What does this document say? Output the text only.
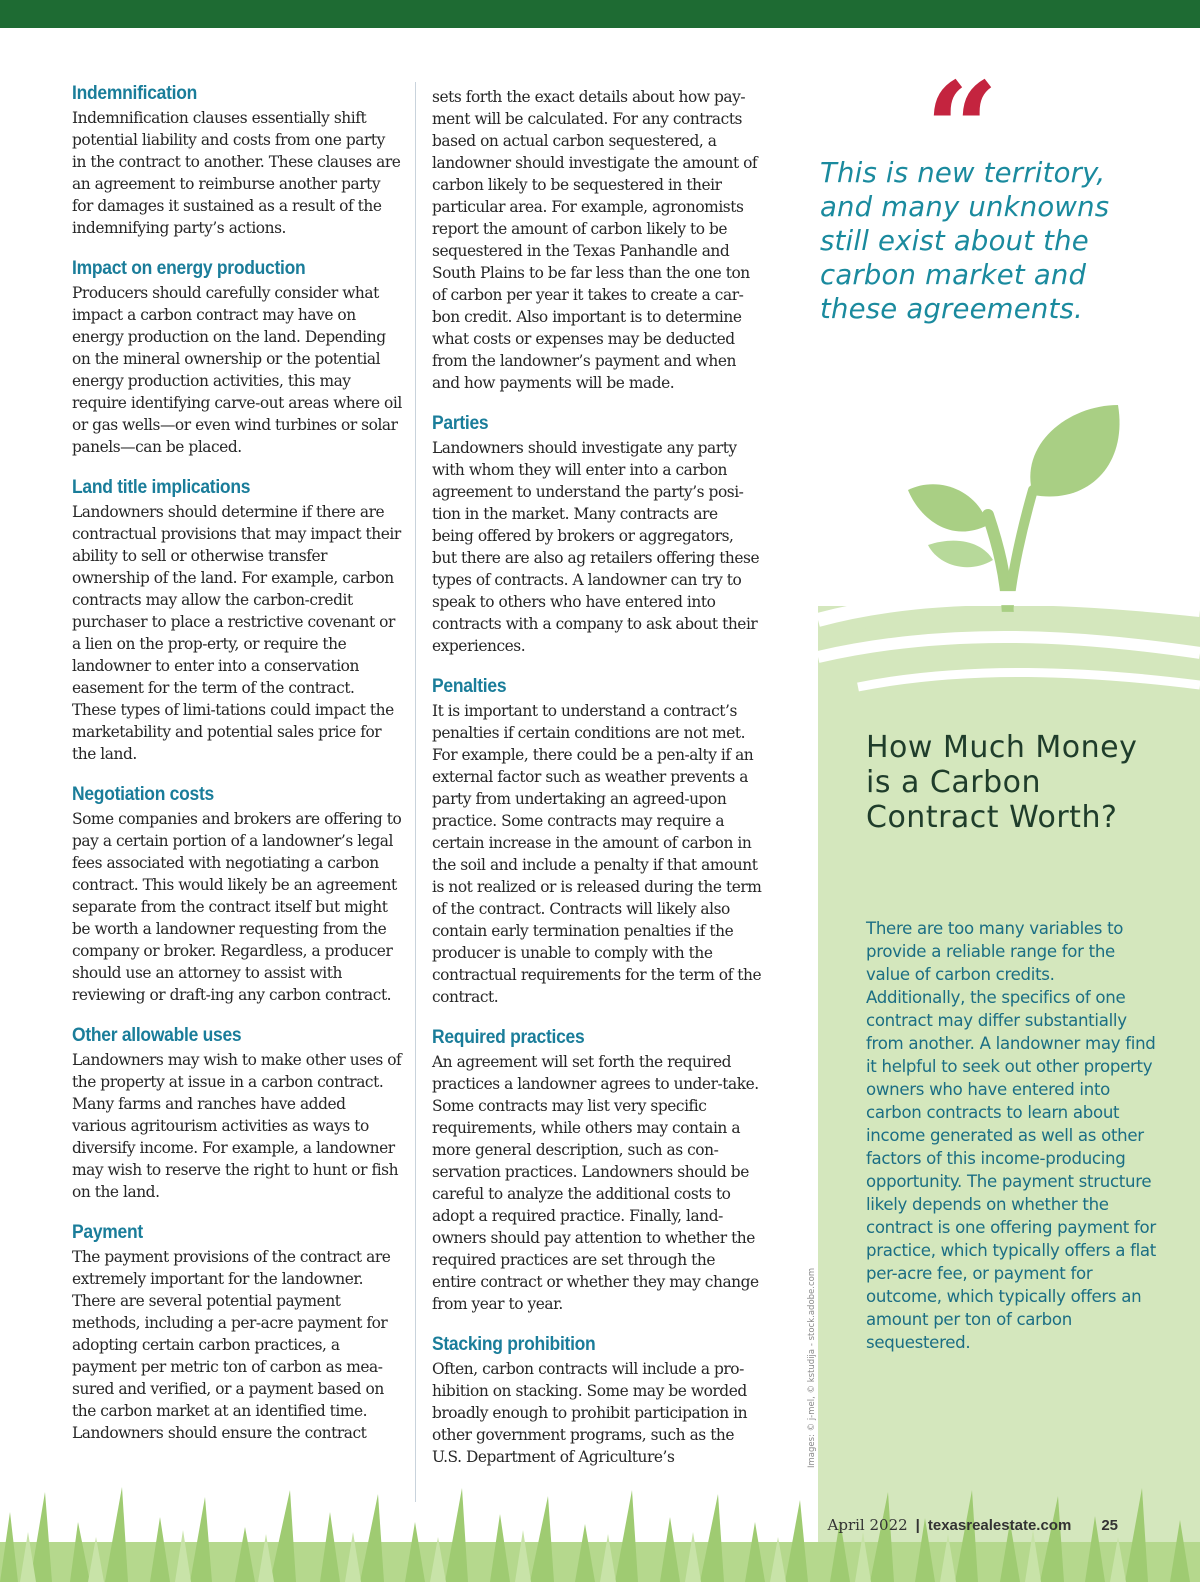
Indemnification

Indemnification clauses essentially shift potential liability and costs from one party in the contract to another. These clauses are an agreement to reimburse another party for damages it sustained as a result of the indemnifying party’s actions.

Impact on energy production

Producers should carefully consider what impact a carbon contract may have on energy production on the land. Depending on the mineral ownership or the potential energy production activities, this may require identifying carve-out areas where oil or gas wells—or even wind turbines or solar panels—can be placed.

Land title implications

Landowners should determine if there are contractual provisions that may impact their ability to sell or otherwise transfer ownership of the land. For example, carbon contracts may allow the carbon-credit purchaser to place a restrictive covenant or a lien on the prop-erty, or require the landowner to enter into a conservation easement for the term of the contract. These types of limi-tations could impact the marketability and potential sales price for the land.

Negotiation costs

Some companies and brokers are offering to pay a certain portion of a landowner’s legal fees associated with negotiating a carbon contract. This would likely be an agreement separate from the contract itself but might be worth a landowner requesting from the company or broker. Regardless, a producer should use an attorney to assist with reviewing or draft-ing any carbon contract.

Other allowable uses

Landowners may wish to make other uses of the property at issue in a carbon contract. Many farms and ranches have added various agritourism activities as ways to diversify income. For example, a landowner may wish to reserve the right to hunt or fish on the land.

Payment

The payment provisions of the contract are extremely important for the landowner. There are several potential payment methods, including a per-acre payment for adopting certain carbon practices, a payment per metric ton of carbon as mea-sured and verified, or a payment based on the carbon market at an identified time. Landowners should ensure the contract

sets forth the exact details about how pay-ment will be calculated. For any contracts based on actual carbon sequestered, a landowner should investigate the amount of carbon likely to be sequestered in their particular area. For example, agronomists report the amount of carbon likely to be sequestered in the Texas Panhandle and South Plains to be far less than the one ton of carbon per year it takes to create a car-bon credit. Also important is to determine what costs or expenses may be deducted from the landowner’s payment and when and how payments will be made.

Parties

Landowners should investigate any party with whom they will enter into a carbon agreement to understand the party’s posi-tion in the market. Many contracts are being offered by brokers or aggregators, but there are also ag retailers offering these types of contracts. A landowner can try to speak to others who have entered into contracts with a company to ask about their experiences.

Penalties

It is important to understand a contract’s penalties if certain conditions are not met. For example, there could be a pen-alty if an external factor such as weather prevents a party from undertaking an agreed-upon practice. Some contracts may require a certain increase in the amount of carbon in the soil and include a penalty if that amount is not realized or is released during the term of the contract. Contracts will likely also contain early termination penalties if the producer is unable to comply with the contractual requirements for the term of the contract.

Required practices

An agreement will set forth the required practices a landowner agrees to under-take. Some contracts may list very specific requirements, while others may contain a more general description, such as con-servation practices. Landowners should be careful to analyze the additional costs to adopt a required practice. Finally, land-owners should pay attention to whether the required practices are set through the entire contract or whether they may change from year to year.

Stacking prohibition

Often, carbon contracts will include a pro-hibition on stacking. Some may be worded broadly enough to prohibit participation in other government programs, such as the U.S. Department of Agriculture’s

“

This is new territory, and many unknowns still exist about the carbon market and these agreements.

How Much Money is a Carbon Contract Worth?

There are too many variables to provide a reliable range for the value of carbon credits. Additionally, the specifics of one contract may differ substantially from another. A landowner may find it helpful to seek out other property owners who have entered into carbon contracts to learn about income generated as well as other factors of this income-producing opportunity. The payment structure likely depends on whether the contract is one offering payment for practice, which typically offers a flat per-acre fee, or payment for outcome, which typically offers an amount per ton of carbon sequestered.

Images: © j-mel, © kstudija - stock.adobe.com
April 2022 | texasrealestate.com 25
